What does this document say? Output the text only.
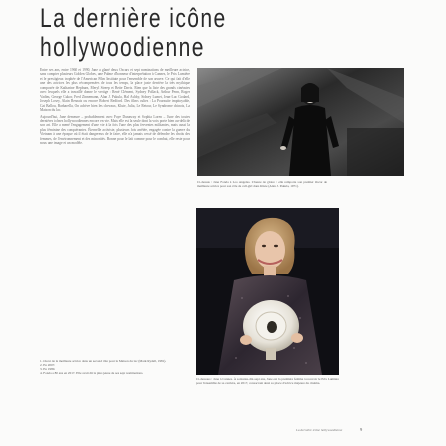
La dernière icône
hollywoodienne

Entre ses ans, entre 1960 et 1990, Jane a glané deux Oscars et sept nominations de meilleure actrice, sans compter plusieurs Golden Globes, une Palme d'honneur d'interprétation à Cannes, le Prix Lumière et le prestigieux trophée de l'American Film Institute pour l'ensemble de son œuvre. Ce qui fait d'elle une des actrices les plus récompensées de tous les temps, la place juste derrière la très mythique composée de Katharine Hepburn, Meryl Streep et Bette Davis. Rien que la liste des grands cinéastes avec lesquels elle a travaillé donne le vertige : René Clément, Sydney Pollack, Arthur Penn, Roger Vadim, George Cukor, Fred Zinnemann, Alan J. Pakula, Hal Ashby, Sidney Lumet, Jean-Luc Godard, Joseph Losey, Alain Resnais ou encore Robert Redford. Des films cultes : La Poursuite impitoyable, Cat Ballou, Barbarella, On achève bien les chevaux, Klute, Julia, Le Retour, Le Syndrome chinois, La Maison du lac.

Aujourd'hui, Jane demeure – probablement avec Faye Dunaway et Sophia Loren – l'une des toutes dernières icônes hollywoodiennes encore en vie. Mais elle est la seule dont la voix porte bien au-delà de son art. Elle a mené l'engagement d'une vie à la fois l'une des plus ferventes militantes, mais aussi la plus féminine des conquérantes. Éternelle activiste, plusieurs fois arrêtée, engagée contre la guerre du Vietnam à une époque où il était dangereux de le faire, elle n'a jamais cessé de défendre les droits des femmes, de l'environnement et des minorités. Bonne pour le lait comme pour le combat, elle reste pour nous une image et un modèle.

1. Oscar de la meilleure actrice dans un second rôle pour la Maison du lac (Mark Rydell, 1981).
2. En 2007.
3. En 1980.
4. Fonda a 80 ans en 2017. Elle avait dû la plus jeune de ses sept nominations.
Ci-dessus : Jane Fonda à Los Angeles. L'heure de gloire : elle remporte son premier Oscar de meilleure actrice pour son rôle de call-girl dans Klute (Alan J. Pakula, 1971).
Ci-dessous : Jane à Cannes. À soixante-dix-sept ans, Jane est la première femme à recevoir le Prix Lumière pour l'ensemble de sa carrière, en 2017, consacrant ainsi sa place d'actrice majeure du cinéma.
La dernière icône hollywoodienne	9
